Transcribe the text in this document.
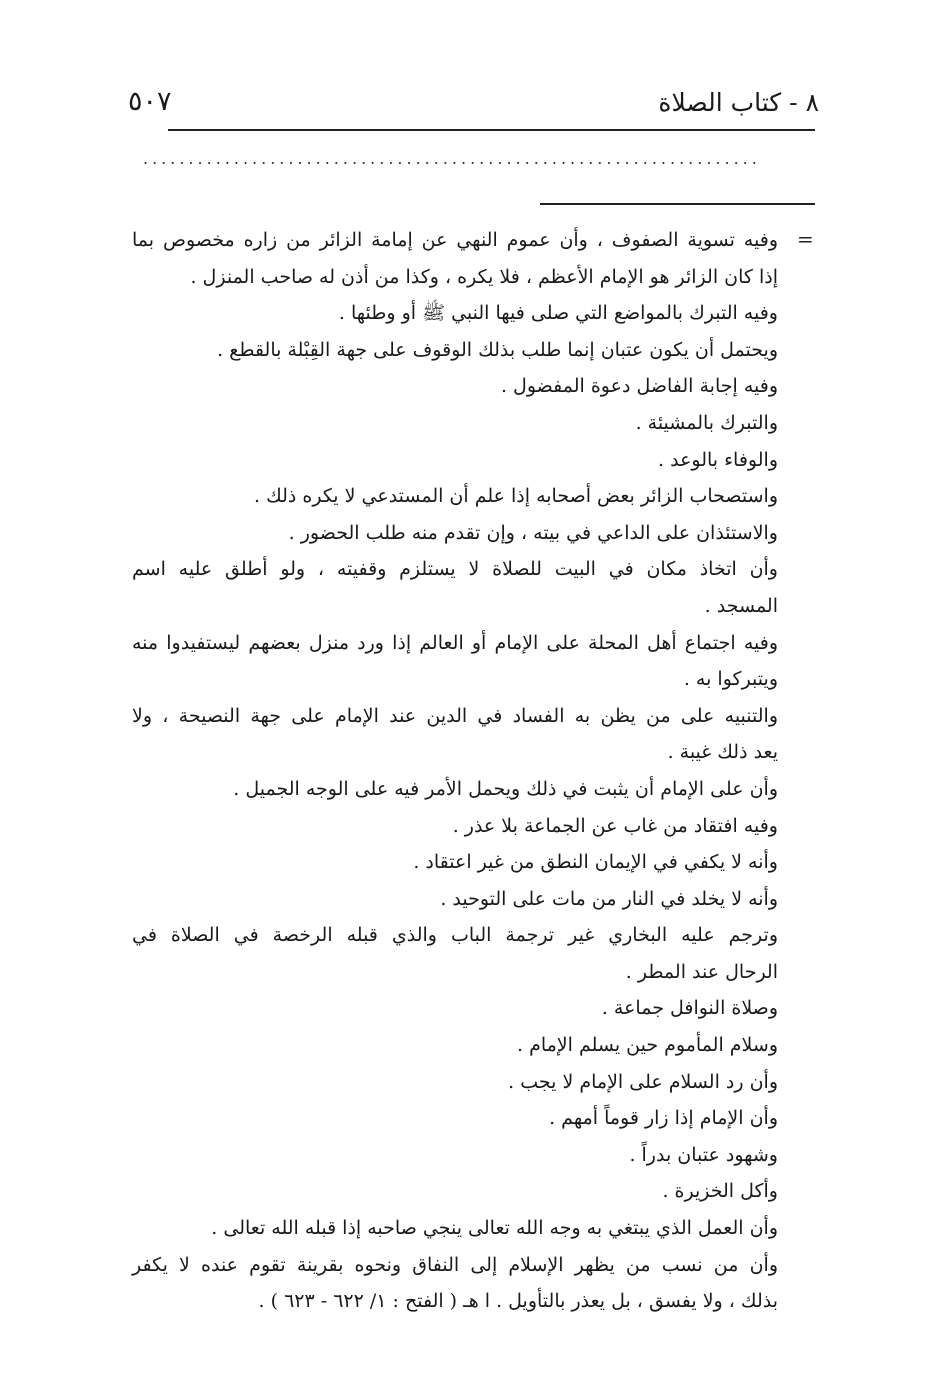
٨ - كتاب الصلاة
٥٠٧
....................................................................
=

وفيه تسوية الصفوف ، وأن عموم النهي عن إمامة الزائر من زاره مخصوص بما

إذا كان الزائر هو الإمام الأعظم ، فلا يكره ، وكذا من أذن له صاحب المنزل .

وفيه التبرك بالمواضع التي صلى فيها النبي ﷺ أو وطئها .

ويحتمل أن يكون عتبان إنما طلب بذلك الوقوف على جهة القِبْلة بالقطع .

وفيه إجابة الفاضل دعوة المفضول .

والتبرك بالمشيئة .

والوفاء بالوعد .

واستصحاب الزائر بعض أصحابه إذا علم أن المستدعي لا يكره ذلك .

والاستئذان على الداعي في بيته ، وإن تقدم منه طلب الحضور .

وأن اتخاذ مكان في البيت للصلاة لا يستلزم وقفيته ، ولو أطلق عليه اسم

المسجد .

وفيه اجتماع أهل المحلة على الإمام أو العالم إذا ورد منزل بعضهم ليستفيدوا منه

ويتبركوا به .

والتنبيه على من يظن به الفساد في الدين عند الإمام على جهة النصيحة ، ولا

يعد ذلك غيبة .

وأن على الإمام أن يثبت في ذلك ويحمل الأمر فيه على الوجه الجميل .

وفيه افتقاد من غاب عن الجماعة بلا عذر .

وأنه لا يكفي في الإيمان النطق من غير اعتقاد .

وأنه لا يخلد في النار من مات على التوحيد .

وترجم عليه البخاري غير ترجمة الباب والذي قبله الرخصة في الصلاة في

الرحال عند المطر .

وصلاة النوافل جماعة .

وسلام المأموم حين يسلم الإمام .

وأن رد السلام على الإمام لا يجب .

وأن الإمام إذا زار قوماً أمهم .

وشهود عتبان بدراً .

وأكل الخزيرة .

وأن العمل الذي يبتغي به وجه الله تعالى ينجي صاحبه إذا قبله الله تعالى .

وأن من نسب من يظهر الإسلام إلى النفاق ونحوه بقرينة تقوم عنده لا يكفر

بذلك ، ولا يفسق ، بل يعذر بالتأويل . ا هـ ( الفتح : ١/ ٦٢٢ - ٦٢٣ ) .
